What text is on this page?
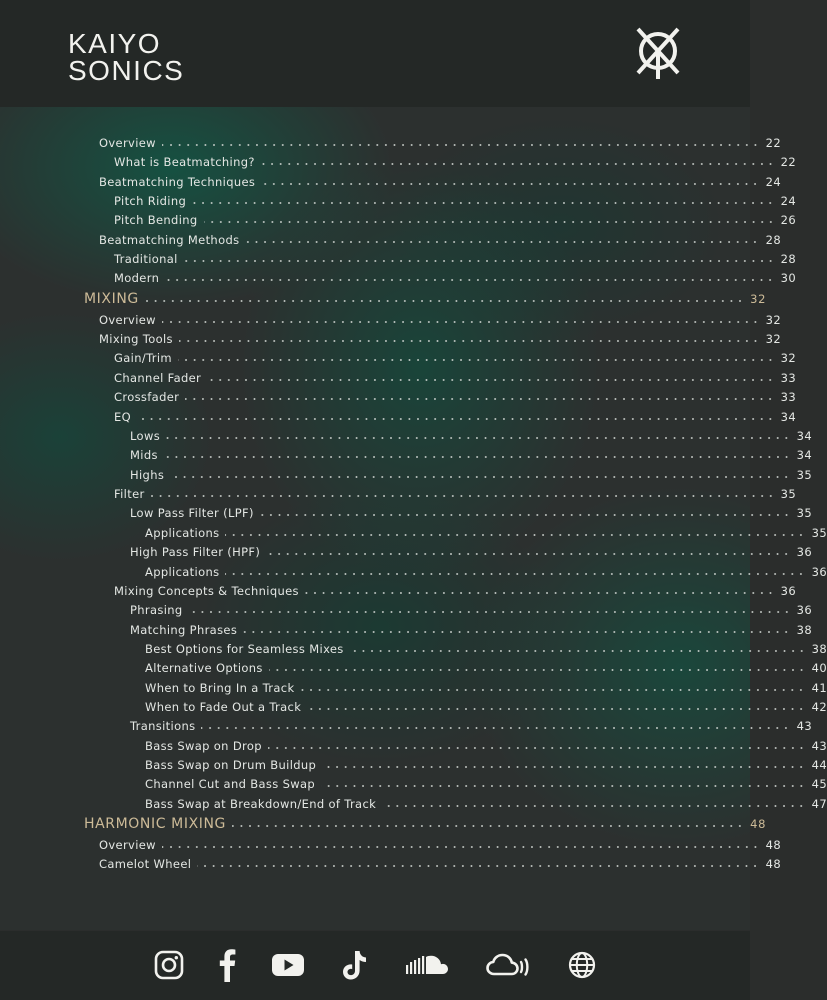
KAIYO
SONICS
Overview	22
What is Beatmatching?	22
Beatmatching Techniques	24
Pitch Riding	24
Pitch Bending	26
Beatmatching Methods	28
Traditional	28
Modern	30
MIXING	32
Overview	32
Mixing Tools	32
Gain/Trim	32
Channel Fader	33
Crossfader	33
EQ	34
Lows	34
Mids	34
Highs	35
Filter	35
Low Pass Filter (LPF)	35
Applications	35
High Pass Filter (HPF)	36
Applications	36
Mixing Concepts & Techniques	36
Phrasing	36
Matching Phrases	38
Best Options for Seamless Mixes	38
Alternative Options	40
When to Bring In a Track	41
When to Fade Out a Track	42
Transitions	43
Bass Swap on Drop	43
Bass Swap on Drum Buildup	44
Channel Cut and Bass Swap	45
Bass Swap at Breakdown/End of Track	47
HARMONIC MIXING	48
Overview	48
Camelot Wheel	48
